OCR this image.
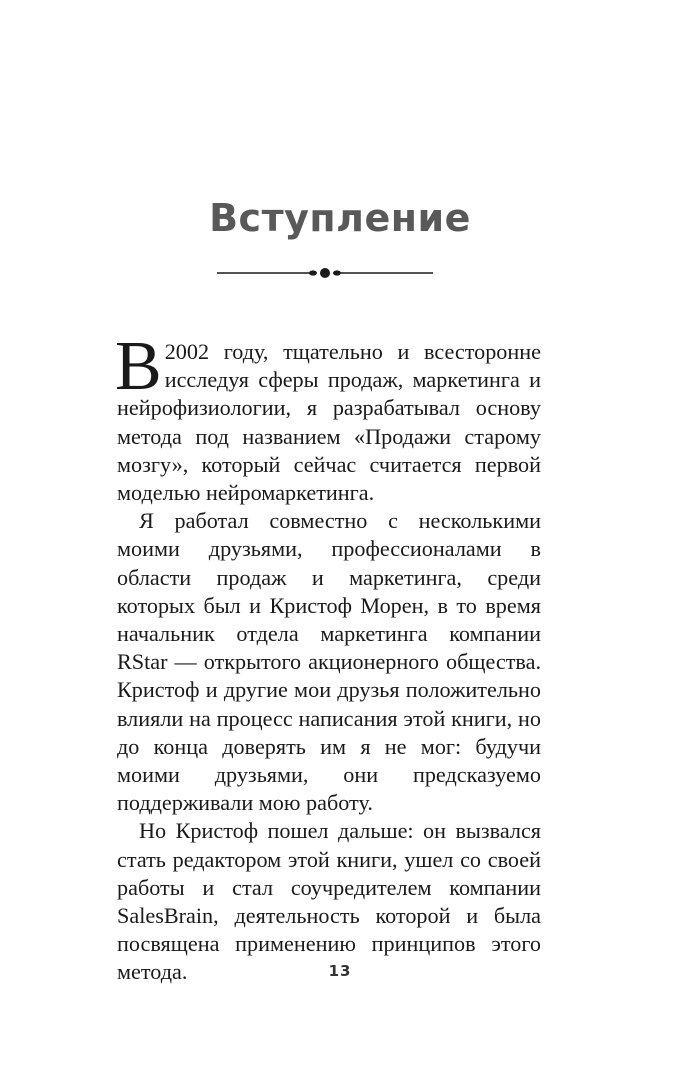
Вступление

В 2002 году, тщательно и всесторонне исследуя сферы продаж, маркетинга и нейрофизиологии, я разрабатывал основу метода под названием «Продажи старому мозгу», который сейчас считается первой моделью нейромаркетинга.

Я работал совместно с несколькими моими друзьями, профессионалами в области продаж и маркетинга, среди которых был и Кристоф Морен, в то время начальник отдела маркетинга компании RStar — открытого акционерного общества. Кристоф и другие мои друзья положительно влияли на процесс написания этой книги, но до конца доверять им я не мог: будучи моими друзьями, они предсказуемо поддерживали мою работу.

Но Кристоф пошел дальше: он вызвался стать редактором этой книги, ушел со своей работы и стал соучредителем компании SalesBrain, деятельность которой и была посвящена применению принципов этого метода.	13
